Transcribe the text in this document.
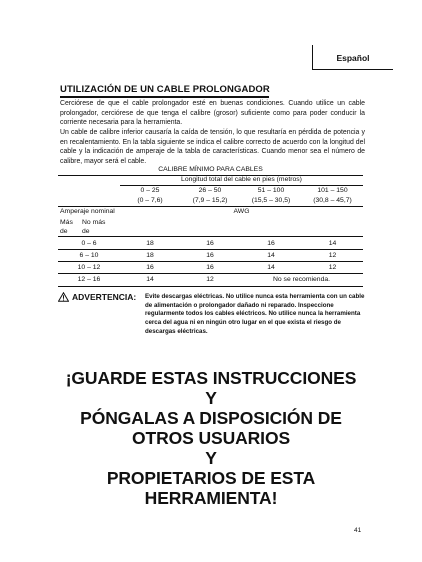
Español
UTILIZACIÓN DE UN CABLE PROLONGADOR

Cerciórese de que el cable prolongador esté en buenas condiciones. Cuando utilice un cable prolongador, cerciórese de que tenga el calibre (grosor) suficiente como para poder conducir la corriente necesaria para la herramienta.

Un cable de calibre inferior causaría la caída de tensión, lo que resultaría en pérdida de potencia y en recalentamiento. En la tabla siguiente se indica el calibre correcto de acuerdo con la longitud del cable y la indicación de amperaje de la tabla de características. Cuando menor sea el número de calibre, mayor será el cable.

CALIBRE MÍNIMO PARA CABLES
Longitud total del cable en pies (metros)
0 – 25	26 – 50	51 – 100	101 – 150
(0 – 7,6)	(7,9 – 15,2)	(15,5 – 30,5)	(30,8 – 45,7)
Amperaje nominal	AWG
Más de
No más de
0 – 6	18	16	16	14
6 – 10	18	16	14	12
10 – 12	16	16	14	12
12 – 16	14	12	No se recomienda.
ADVERTENCIA: Evite descargas eléctricas. No utilice nunca esta herramienta con un cable de alimentación o prolongador dañado ni reparado. Inspeccione regularmente todos los cables eléctricos. No utilice nunca la herramienta cerca del agua ni en ningún otro lugar en el que exista el riesgo de descargas eléctricas.

¡GUARDE ESTAS INSTRUCCIONES
Y
PÓNGALAS A DISPOSICIÓN DE
OTROS USUARIOS
Y
PROPIETARIOS DE ESTA
HERRAMIENTA!
41
